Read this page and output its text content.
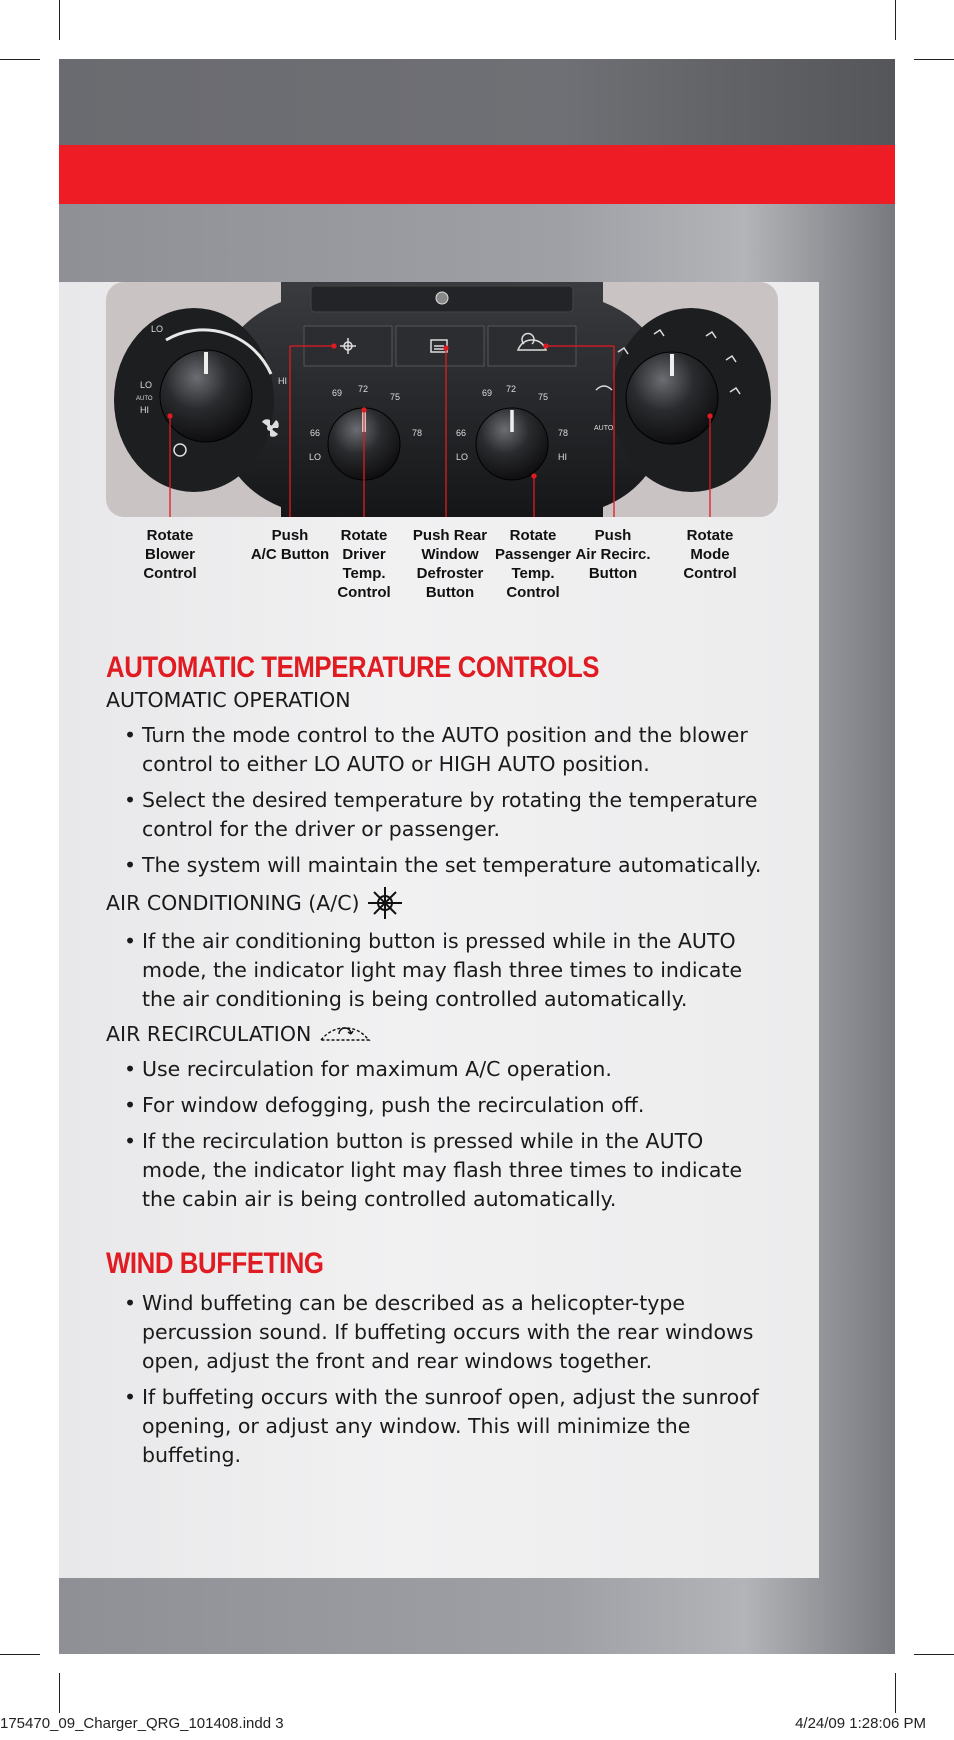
LO
LO
AUTO
HI
HI
69 72
75
66	78
LO
69 72
75
66	78
LO	HI
AUTO
Rotate
Blower
Control
Push
A/C Button
Rotate
Driver
Temp.
Control
Push Rear
Window
Defroster
Button
Rotate
Passenger
Temp.
Control
Push
Air Recirc.
Button
Rotate
Mode
Control
AUTOMATIC TEMPERATURE CONTROLS
AUTOMATIC OPERATION
• Turn the mode control to the AUTO position and the blower control to either LO AUTO or HIGH AUTO position.
• Select the desired temperature by rotating the temperature control for the driver or passenger.
• The system will maintain the set temperature automatically.
AIR CONDITIONING (A/C)
• If the air conditioning button is pressed while in the AUTO mode, the indicator light may flash three times to indicate the air conditioning is being controlled automatically.
AIR RECIRCULATION
• Use recirculation for maximum A/C operation.
• For window defogging, push the recirculation off.
• If the recirculation button is pressed while in the AUTO mode, the indicator light may flash three times to indicate the cabin air is being controlled automatically.
WIND BUFFETING
• Wind buffeting can be described as a helicopter-type percussion sound. If buffeting occurs with the rear windows open, adjust the front and rear windows together.
• If buffeting occurs with the sunroof open, adjust the sunroof opening, or adjust any window. This will minimize the buffeting.
175470_09_Charger_QRG_101408.indd 3	4/24/09 1:28:06 PM
